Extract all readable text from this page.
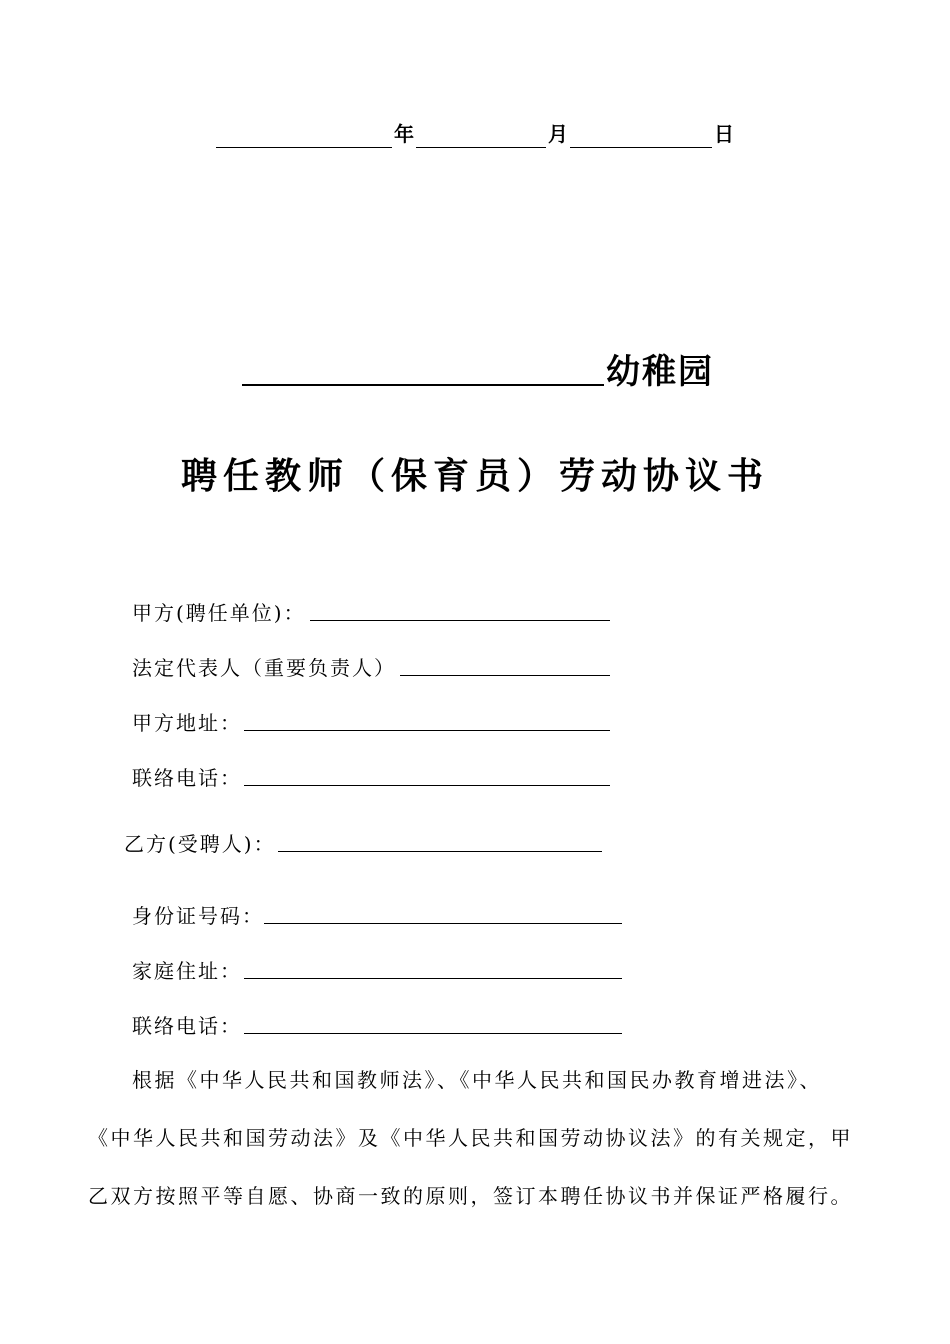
年	月	日
幼稚园
聘任教师（保育员）劳动协议书
甲方(聘任单位)：
法定代表人（重要负责人）
甲方地址：
联络电话：
乙方(受聘人)：
身份证号码：
家庭住址：
联络电话：
根据《中华人民共和国教师法》、《中华人民共和国民办教育增进法》、
《中华人民共和国劳动法》及《中华人民共和国劳动协议法》的有关规定，甲
乙双方按照平等自愿、协商一致的原则，签订本聘任协议书并保证严格履行。
